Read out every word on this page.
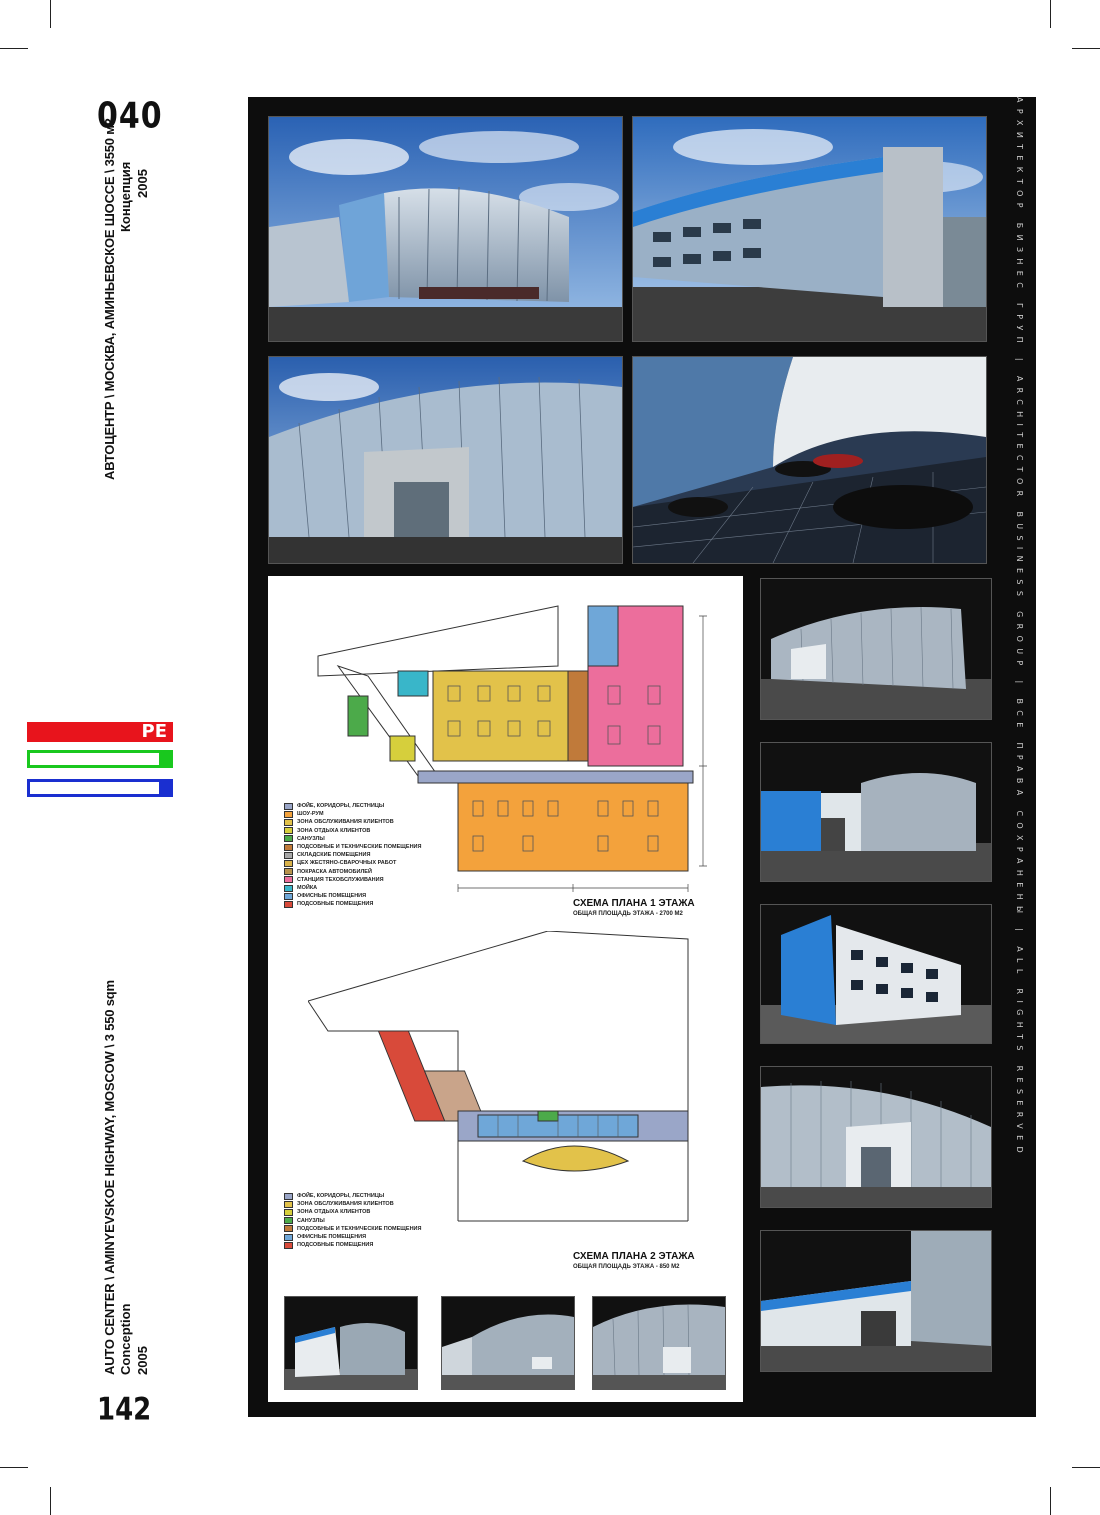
040
142
АВТОЦЕНТР \ МОСКВА, АМИНЬЕВСКОЕ ШОССЕ \ 3550 м2 Концепция 2005
AUTO CENTER \ AMINYEVSKOE HIGHWAY, MOSCOW \ 3 550 sqm Conception 2005
PE	АРХИТЕКТОР БИЗНЕС ГРУП | ARCHITECTOR BUSINESS GROUP | ВСЕ ПРАВА СОХРАНЕНЫ | ALL RIGHTS RESERVED
ФОЙЕ, КОРИДОРЫ, ЛЕСТНИЦЫ
ШОУ-РУМ
ЗОНА ОБСЛУЖИВАНИЯ КЛИЕНТОВ
ЗОНА ОТДЫХА КЛИЕНТОВ
САНУЗЛЫ
ПОДСОБНЫЕ И ТЕХНИЧЕСКИЕ ПОМЕЩЕНИЯ
СКЛАДСКИЕ ПОМЕЩЕНИЯ
ЦЕХ ЖЕСТЯНО-СВАРОЧНЫХ РАБОТ
ПОКРАСКА АВТОМОБИЛЕЙ
СТАНЦИЯ ТЕХОБСЛУЖИВАНИЯ
МОЙКА
ОФИСНЫЕ ПОМЕЩЕНИЯ
ПОДСОБНЫЕ ПОМЕЩЕНИЯ	СХЕМА ПЛАНА 1 ЭТАЖА
ОБЩАЯ ПЛОЩАДЬ ЭТАЖА - 2700 М2
ФОЙЕ, КОРИДОРЫ, ЛЕСТНИЦЫ
ЗОНА ОБСЛУЖИВАНИЯ КЛИЕНТОВ
ЗОНА ОТДЫХА КЛИЕНТОВ
САНУЗЛЫ
ПОДСОБНЫЕ И ТЕХНИЧЕСКИЕ ПОМЕЩЕНИЯ
ОФИСНЫЕ ПОМЕЩЕНИЯ
ПОДСОБНЫЕ ПОМЕЩЕНИЯ
СХЕМА ПЛАНА 2 ЭТАЖА
ОБЩАЯ ПЛОЩАДЬ ЭТАЖА - 850 М2
